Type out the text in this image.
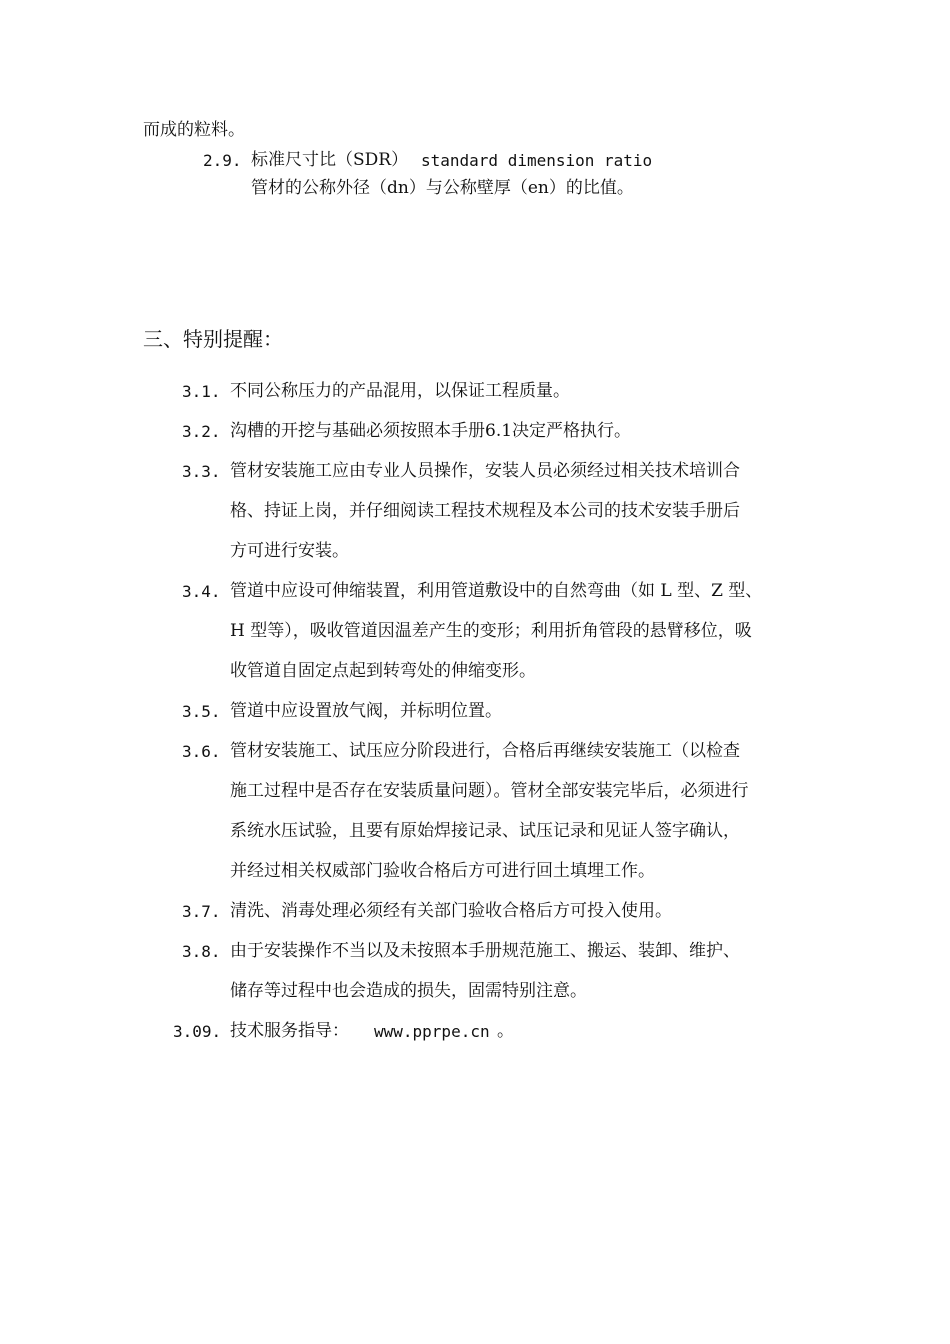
而成的粒料。
2.9. 标准尺寸比（SDR） standard dimension ratio
管材的公称外径（dn）与公称壁厚（en）的比值。
三、特别提醒：
3.1. 不同公称压力的产品混用，以保证工程质量。
3.2. 沟槽的开挖与基础必须按照本手册6.1决定严格执行。
3.3. 管材安装施工应由专业人员操作，安装人员必须经过相关技术培训合
格、持证上岗，并仔细阅读工程技术规程及本公司的技术安装手册后
方可进行安装。
3.4. 管道中应设可伸缩装置，利用管道敷设中的自然弯曲（如 L 型、Z 型、
H 型等），吸收管道因温差产生的变形；利用折角管段的悬臂移位，吸
收管道自固定点起到转弯处的伸缩变形。
3.5. 管道中应设置放气阀，并标明位置。
3.6. 管材安装施工、试压应分阶段进行，合格后再继续安装施工（以检查
施工过程中是否存在安装质量问题）。管材全部安装完毕后，必须进行
系统水压试验，且要有原始焊接记录、试压记录和见证人签字确认，
并经过相关权威部门验收合格后方可进行回土填埋工作。
3.7. 清洗、消毒处理必须经有关部门验收合格后方可投入使用。
3.8. 由于安装操作不当以及未按照本手册规范施工、搬运、装卸、维护、
储存等过程中也会造成的损失，固需特别注意。
3.09. 技术服务指导： www.pprpe.cn 。
